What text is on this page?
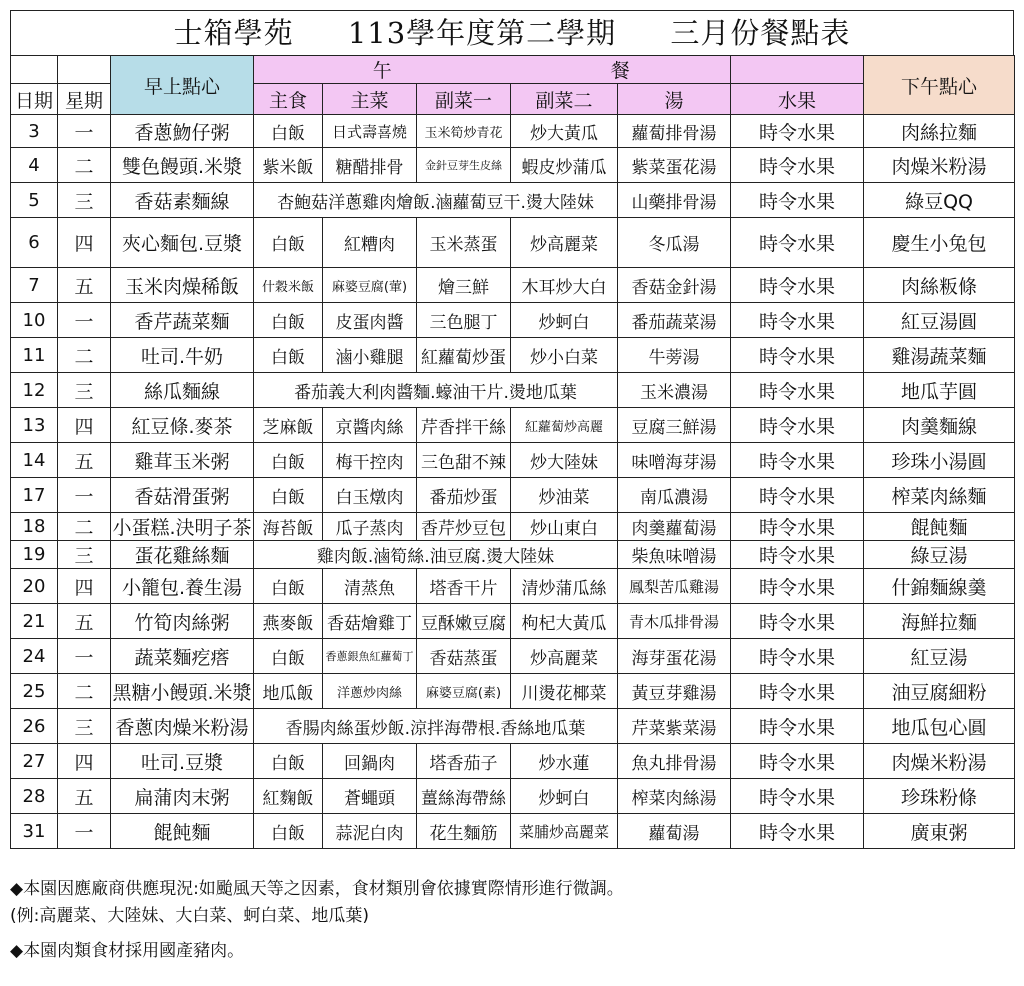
士箱學苑 113學年度第二學期 三月份餐點表
		早上點心	午			餐			下午點心
日期	星期		主食	主菜	副菜一	副菜二	湯	水果	
3	一	香蔥魩仔粥	白飯	日式壽喜燒	玉米筍炒青花	炒大黃瓜	蘿蔔排骨湯	時令水果	肉絲拉麵
4	二	雙色饅頭.米漿	紫米飯	糖醋排骨	金針豆芽生皮絲	蝦皮炒蒲瓜	紫菜蛋花湯	時令水果	肉燥米粉湯
5	三	香菇素麵線	杏鮑菇洋蔥雞肉燴飯.滷蘿蔔豆干.燙大陸妹				山藥排骨湯	時令水果	綠豆QQ
6	四	夾心麵包.豆漿	白飯	紅糟肉	玉米蒸蛋	炒高麗菜	冬瓜湯	時令水果	慶生小兔包
7	五	玉米肉燥稀飯	什穀米飯	麻婆豆腐(葷)	燴三鮮	木耳炒大白	香菇金針湯	時令水果	肉絲粄條
10	一	香芹蔬菜麵	白飯	皮蛋肉醬	三色腿丁	炒蚵白	番茄蔬菜湯	時令水果	紅豆湯圓
11	二	吐司.牛奶	白飯	滷小雞腿	紅蘿蔔炒蛋	炒小白菜	牛蒡湯	時令水果	雞湯蔬菜麵
12	三	絲瓜麵線	番茄義大利肉醬麵.蠔油干片.燙地瓜葉				玉米濃湯	時令水果	地瓜芋圓
13	四	紅豆條.麥茶	芝麻飯	京醬肉絲	芹香拌干絲	紅蘿蔔炒高麗	豆腐三鮮湯	時令水果	肉羹麵線
14	五	雞茸玉米粥	白飯	梅干控肉	三色甜不辣	炒大陸妹	味噌海芽湯	時令水果	珍珠小湯圓
17	一	香菇滑蛋粥	白飯	白玉燉肉	番茄炒蛋	炒油菜	南瓜濃湯	時令水果	榨菜肉絲麵
18	二	小蛋糕.決明子茶	海苔飯	瓜子蒸肉	香芹炒豆包	炒山東白	肉羹蘿蔔湯	時令水果	餛飩麵
19	三	蛋花雞絲麵	雞肉飯.滷筍絲.油豆腐.燙大陸妹				柴魚味噌湯	時令水果	綠豆湯
20	四	小籠包.養生湯	白飯	清蒸魚	塔香干片	清炒蒲瓜絲	鳳梨苦瓜雞湯	時令水果	什錦麵線羹
21	五	竹筍肉絲粥	燕麥飯	香菇燴雞丁	豆酥嫩豆腐	枸杞大黃瓜	青木瓜排骨湯	時令水果	海鮮拉麵
24	一	蔬菜麵疙瘩	白飯	香蔥銀魚紅蘿蔔丁	香菇蒸蛋	炒高麗菜	海芽蛋花湯	時令水果	紅豆湯
25	二	黑糖小饅頭.米漿	地瓜飯	洋蔥炒肉絲	麻婆豆腐(素)	川燙花椰菜	黃豆芽雞湯	時令水果	油豆腐細粉
26	三	香蔥肉燥米粉湯	香腸肉絲蛋炒飯.涼拌海帶根.香絲地瓜葉				芹菜紫菜湯	時令水果	地瓜包心圓
27	四	吐司.豆漿	白飯	回鍋肉	塔香茄子	炒水蓮	魚丸排骨湯	時令水果	肉燥米粉湯
28	五	扁蒲肉末粥	紅麴飯	蒼蠅頭	薑絲海帶絲	炒蚵白	榨菜肉絲湯	時令水果	珍珠粉條
31	一	餛飩麵	白飯	蒜泥白肉	花生麵筋	菜脯炒高麗菜	蘿蔔湯	時令水果	廣東粥

◆本園因應廠商供應現況:如颱風天等之因素，食材類別會依據實際情形進行微調。

(例:高麗菜、大陸妹、大白菜、蚵白菜、地瓜葉)

◆本園肉類食材採用國產豬肉。
